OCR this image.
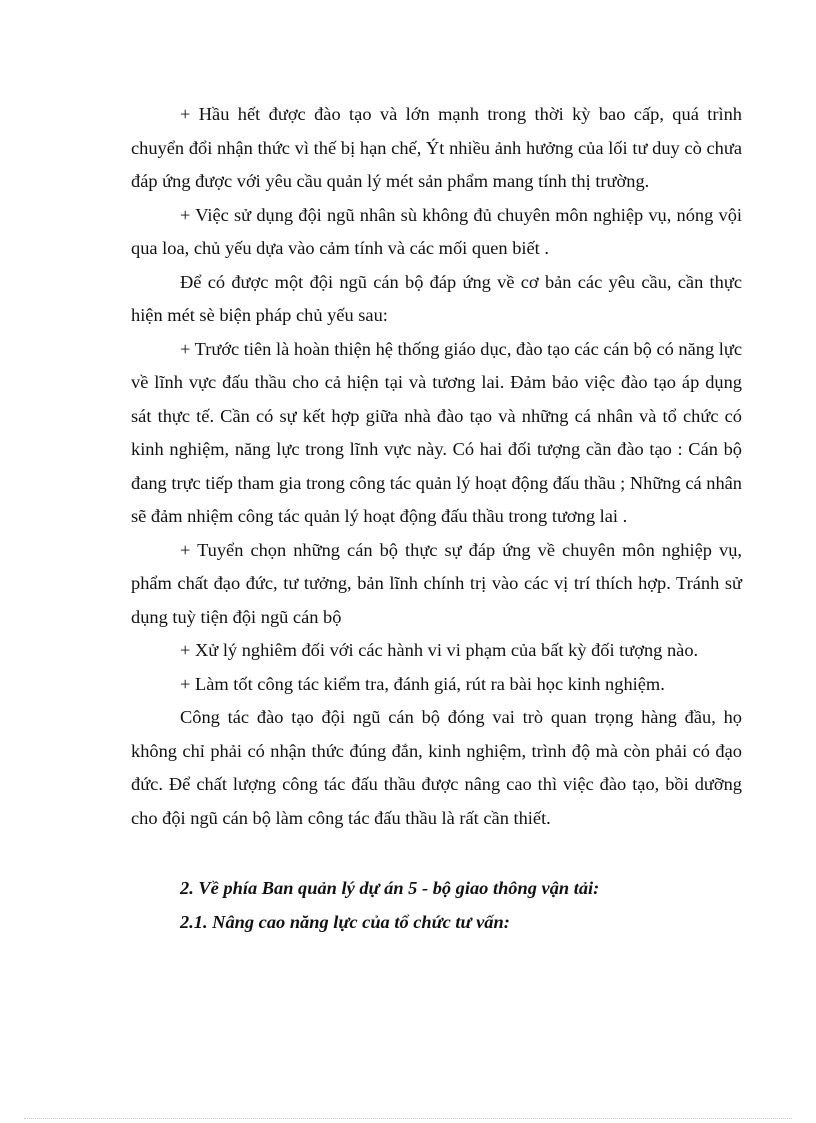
+ Hầu hết được đào tạo và lớn mạnh trong thời kỳ bao cấp, quá trình chuyển đổi nhận thức vì thế bị hạn chế, Ýt nhiều ảnh hưởng của lối tư duy cò chưa đáp ứng được với yêu cầu quản lý mét sản phẩm mang tính thị trường.

+ Việc sử dụng đội ngũ nhân sù không đủ chuyên môn nghiệp vụ, nóng vội qua loa, chủ yếu dựa vào cảm tính và các mối quen biết .

Để có được một đội ngũ cán bộ đáp ứng về cơ bản các yêu cầu, cần thực hiện mét sè biện pháp chủ yếu sau:

+ Trước tiên là hoàn thiện hệ thống giáo dục, đào tạo các cán bộ có năng lực về lĩnh vực đấu thầu cho cả hiện tại và tương lai. Đảm bảo việc đào tạo áp dụng sát thực tế. Cần có sự kết hợp giữa nhà đào tạo và những cá nhân và tổ chức có kinh nghiệm, năng lực trong lĩnh vực này. Có hai đối tượng cần đào tạo : Cán bộ đang trực tiếp tham gia trong công tác quản lý hoạt động đấu thầu ; Những cá nhân sẽ đảm nhiệm công tác quản lý hoạt động đấu thầu trong tương lai .

+ Tuyển chọn những cán bộ thực sự đáp ứng về chuyên môn nghiệp vụ, phẩm chất đạo đức, tư tưởng, bản lĩnh chính trị vào các vị trí thích hợp. Tránh sử dụng tuỳ tiện đội ngũ cán bộ

+ Xử lý nghiêm đối với các hành vi vi phạm của bất kỳ đối tượng nào.

+ Làm tốt công tác kiểm tra, đánh giá, rút ra bài học kinh nghiệm.

Công tác đào tạo đội ngũ cán bộ đóng vai trò quan trọng hàng đầu, họ không chỉ phải có nhận thức đúng đắn, kinh nghiệm, trình độ mà còn phải có đạo đức. Để chất lượng công tác đấu thầu được nâng cao thì việc đào tạo, bồi dưỡng cho đội ngũ cán bộ làm công tác đấu thầu là rất cần thiết.

2. Về phía Ban quản lý dự án 5 - bộ giao thông vận tải:
2.1. Nâng cao năng lực của tổ chức tư vấn:
